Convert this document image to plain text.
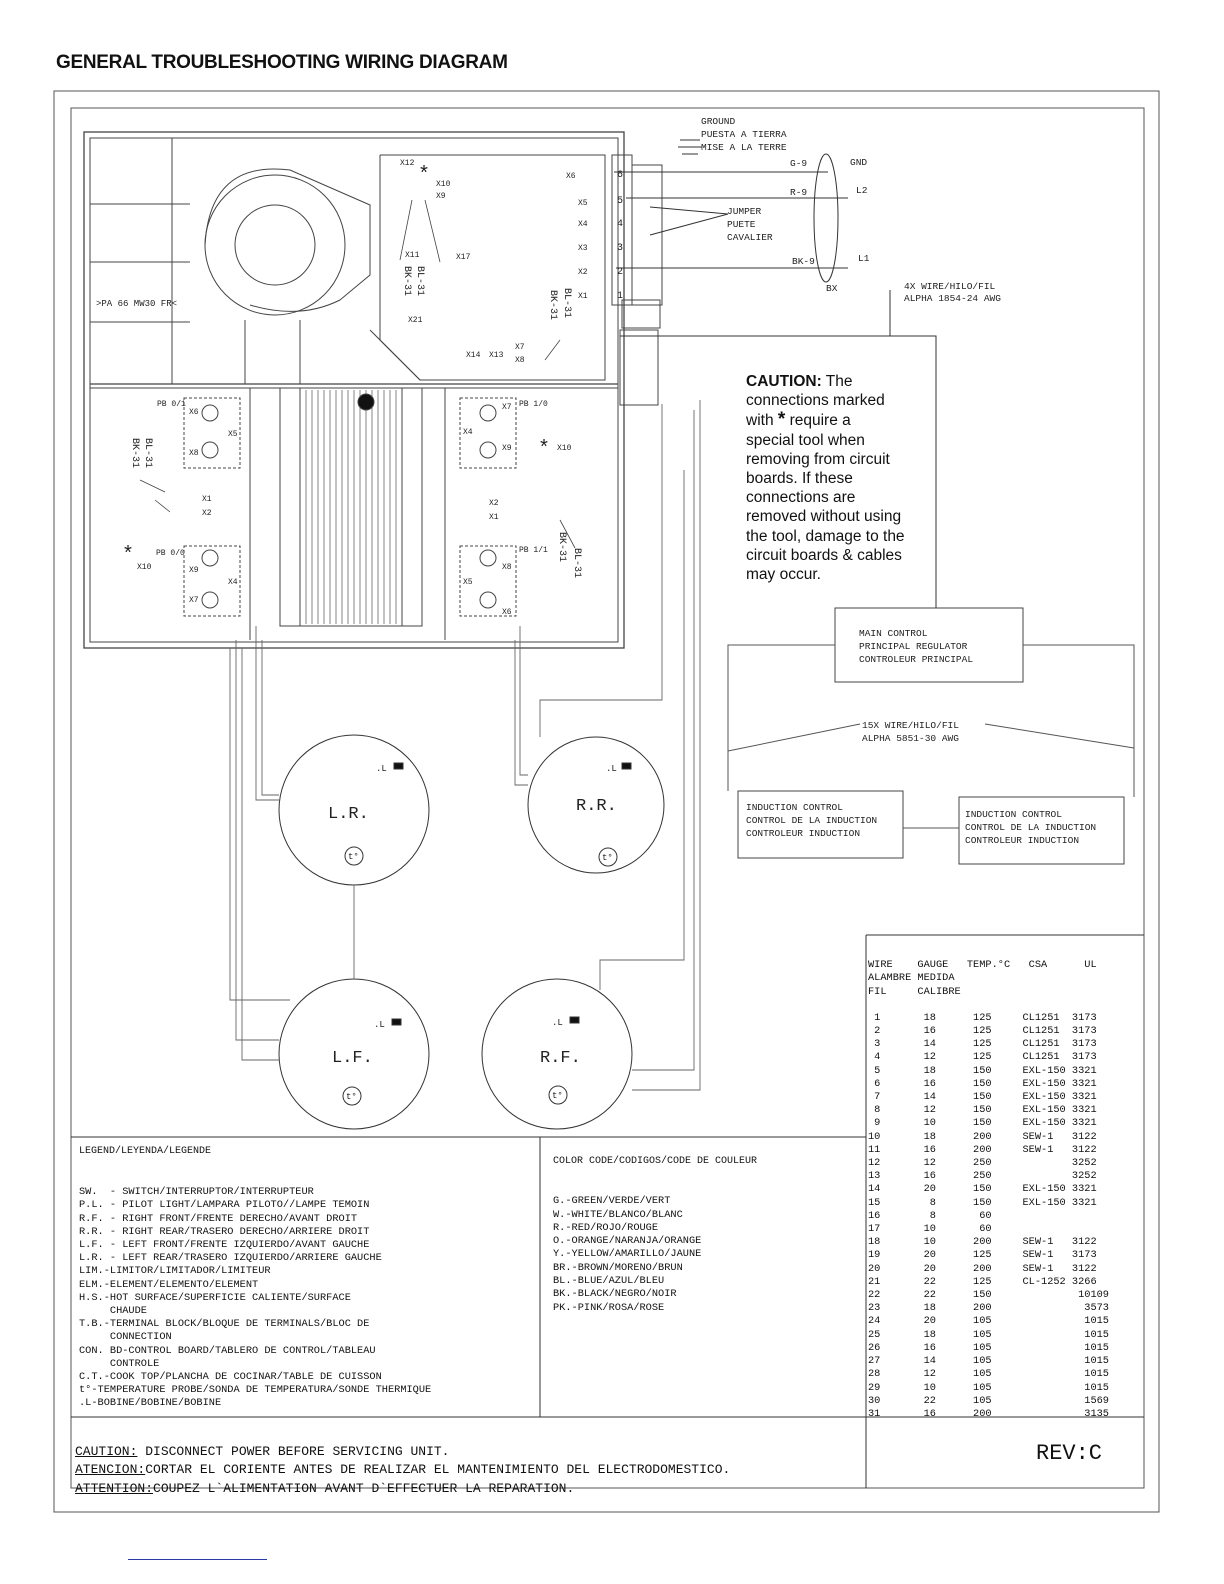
GENERAL TROUBLESHOOTING WIRING DIAGRAM
X12
X10
X9
X11	X17
X21
X14 X13
X7
X8
>PA 66 MW30 FR<
PB 0/1	PB 1/0
PB 0/0	PB 1/1
X1
X2
X2
X1
X6
X5
X8
X7
X4
X9	X10
X10	X9
X4
X7
X8
X5
X6
BK-31 BL-31
BK-31 BL-31
BK-31 BL-31
BK-31
BL-31
*
*
*
6
5
4
3
2
1
X6
X5
X4
X3
X2
X1
GROUND
PUESTA A TIERRA
MISE A LA TERRE
G-9	GND
R-9	L2
BK-9	L1
BX
JUMPER
PUETE
CAVALIER
4X WIRE/HILO/FIL
ALPHA 1854-24 AWG
MAIN CONTROL
PRINCIPAL REGULATOR
CONTROLEUR PRINCIPAL
15X WIRE/HILO/FIL
ALPHA 5851-30 AWG
INDUCTION CONTROL
CONTROL DE LA INDUCTION
CONTROLEUR INDUCTION
INDUCTION CONTROL
CONTROL DE LA INDUCTION
CONTROLEUR INDUCTION
L.R.	R.R.
L.F.	R.F.
.L	.L
.L	.L
t°	t°
t°	t°
CAUTION: The
connections marked
with * require a
special tool when
removing from circuit
boards. If these
connections are
removed without using
the tool, damage to the
circuit boards & cables
may occur.
LEGEND/LEYENDA/LEGENDE

SW.  - SWITCH/INTERRUPTOR/INTERRUPTEUR
P.L. - PILOT LIGHT/LAMPARA PILOTO//LAMPE TEMOIN
R.F. - RIGHT FRONT/FRENTE DERECHO/AVANT DROIT
R.R. - RIGHT REAR/TRASERO DERECHO/ARRIERE DROIT
L.F. - LEFT FRONT/FRENTE IZQUIERDO/AVANT GAUCHE
L.R. - LEFT REAR/TRASERO IZQUIERDO/ARRIERE GAUCHE
LIM.-LIMITOR/LIMITADOR/LIMITEUR
ELM.-ELEMENT/ELEMENTO/ELEMENT
H.S.-HOT SURFACE/SUPERFICIE CALIENTE/SURFACE
CHAUDE
T.B.-TERMINAL BLOCK/BLOQUE DE TERMINALS/BLOC DE
CONNECTION
CON. BD-CONTROL BOARD/TABLERO DE CONTROL/TABLEAU
CONTROLE
C.T.-COOK TOP/PLANCHA DE COCINAR/TABLE DE CUISSON
t°-TEMPERATURE PROBE/SONDA DE TEMPERATURA/SONDE THERMIQUE
.L-BOBINE/BOBINE/BOBINE

COLOR CODE/CODIGOS/CODE DE COULEUR

G.-GREEN/VERDE/VERT
W.-WHITE/BLANCO/BLANC
R.-RED/ROJO/ROUGE
O.-ORANGE/NARANJA/ORANGE
Y.-YELLOW/AMARILLO/JAUNE
BR.-BROWN/MORENO/BRUN
BL.-BLUE/AZUL/BLEU
BK.-BLACK/NEGRO/NOIR
PK.-PINK/ROSA/ROSE

WIRE    GAUGE   TEMP.°C   CSA      UL
ALAMBRE MEDIDA
FIL     CALIBRE
1       18      125     CL1251  3173
2       16      125     CL1251  3173
3       14      125     CL1251  3173
4       12      125     CL1251  3173
5       18      150     EXL-150 3321
6       16      150     EXL-150 3321
7       14      150     EXL-150 3321
8       12      150     EXL-150 3321
9       10      150     EXL-150 3321
10       18      200     SEW-1   3122
11       16      200     SEW-1   3122
12       12      250             3252
13       16      250             3252
14       20      150     EXL-150 3321
15        8      150     EXL-150 3321
16        8       60
17       10       60
18       10      200     SEW-1   3122
19       20      125     SEW-1   3173
20       20      200     SEW-1   3122
21       22      125     CL-1252 3266
22       22      150              10109
23       18      200               3573
24       20      105               1015
25       18      105               1015
26       16      105               1015
27       14      105               1015
28       12      105               1015
29       10      105               1015
30       22      105               1569
31       16      200               3135

CAUTION: DISCONNECT POWER BEFORE SERVICING UNIT.
ATENCION:CORTAR EL CORIENTE ANTES DE REALIZAR EL MANTENIMIENTO DEL ELECTRODOMESTICO.
ATTENTION:COUPEZ L`ALIMENTATION AVANT D`EFFECTUER LA REPARATION.

REV:C
